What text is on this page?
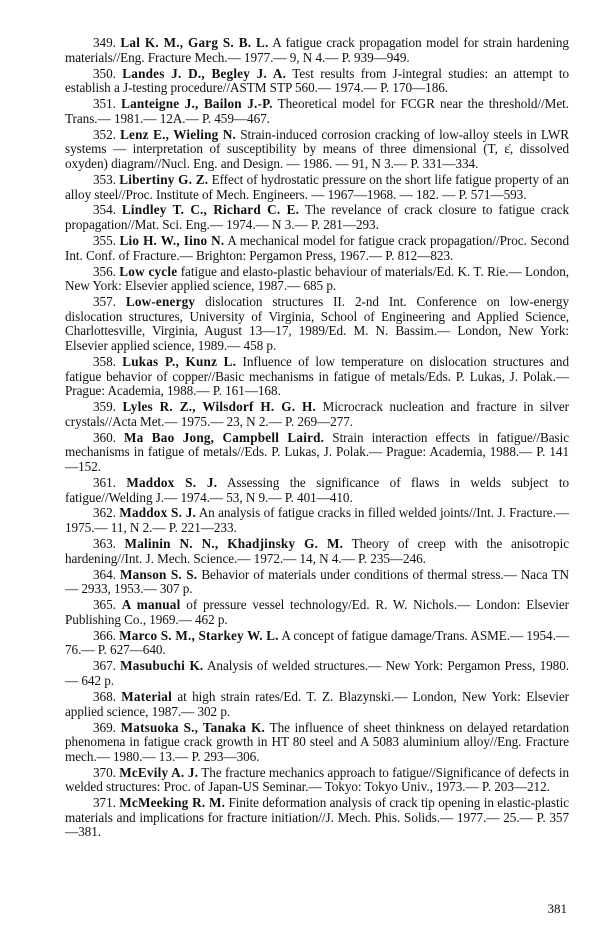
349. Lal K. M., Garg S. B. L. A fatigue crack propagation model for strain hardening materials//Eng. Fracture Mech.— 1977.— 9, N 4.— P. 939—949.

350. Landes J. D., Begley J. A. Test results from J-integral studies: an attempt to establish a J-testing procedure//ASTM STP 560.— 1974.— P. 170—186.

351. Lanteigne J., Bailon J.-P. Theoretical model for FCGR near the threshold//Met. Trans.— 1981.— 12A.— P. 459—467.

352. Lenz E., Wieling N. Strain-induced corrosion cracking of low-alloy steels in LWR systems — interpretation of susceptibility by means of three dimensional (T, ε̇, dissolved oxyden) diagram//Nucl. Eng. and Design. — 1986. — 91, N 3.— P. 331—334.

353. Libertiny G. Z. Effect of hydrostatic pressure on the short life fatigue property of an alloy steel//Proc. Institute of Mech. Engineers. — 1967—1968. — 182. — P. 571—593.

354. Lindley T. C., Richard C. E. The revelance of crack closure to fatigue crack propagation//Mat. Sci. Eng.— 1974.— N 3.— P. 281—293.

355. Lio H. W., Iino N. A mechanical model for fatigue crack propagation//Proc. Second Int. Conf. of Fracture.— Brighton: Pergamon Press, 1967.— P. 812—823.

356. Low cycle fatigue and elasto-plastic behaviour of materials/Ed. K. T. Rie.— London, New York: Elsevier applied science, 1987.— 685 p.

357. Low-energy dislocation structures II. 2-nd Int. Conference on low-energy dislocation structures, University of Virginia, School of Engineering and Applied Science, Charlottesville, Virginia, August 13—17, 1989/Ed. M. N. Bassim.— London, New York: Elsevier applied science, 1989.— 458 p.

358. Lukas P., Kunz L. Influence of low temperature on dislocation structures and fatigue behavior of copper//Basic mechanisms in fatigue of metals/Eds. P. Lukas, J. Polak.— Prague: Academia, 1988.— P. 161—168.

359. Lyles R. Z., Wilsdorf H. G. H. Microcrack nucleation and fracture in silver crystals//Acta Met.— 1975.— 23, N 2.— P. 269—277.

360. Ma Bao Jong, Campbell Laird. Strain interaction effects in fatigue//Basic mechanisms in fatigue of metals//Eds. P. Lukas, J. Polak.— Prague: Academia, 1988.— P. 141—152.

361. Maddox S. J. Assessing the significance of flaws in welds subject to fatigue//Welding J.— 1974.— 53, N 9.— P. 401—410.

362. Maddox S. J. An analysis of fatigue cracks in filled welded joints//Int. J. Fracture.— 1975.— 11, N 2.— P. 221—233.

363. Malinin N. N., Khadjinsky G. M. Theory of creep with the anisotropic hardening//Int. J. Mech. Science.— 1972.— 14, N 4.— P. 235—246.

364. Manson S. S. Behavior of materials under conditions of thermal stress.— Naca TN — 2933, 1953.— 307 p.

365. A manual of pressure vessel technology/Ed. R. W. Nichols.— London: Elsevier Publishing Co., 1969.— 462 p.

366. Marco S. M., Starkey W. L. A concept of fatigue damage/Trans. ASME.— 1954.— 76.— P. 627—640.

367. Masubuchi K. Analysis of welded structures.— New York: Pergamon Press, 1980.— 642 p.

368. Material at high strain rates/Ed. T. Z. Blazynski.— London, New York: Elsevier applied science, 1987.— 302 p.

369. Matsuoka S., Tanaka K. The influence of sheet thinkness on delayed retardation phenomena in fatigue crack growth in HT 80 steel and A 5083 aluminium alloy//Eng. Fracture mech.— 1980.— 13.— P. 293—306.

370. McEvily A. J. The fracture mechanics approach to fatigue//Significance of defects in welded structures: Proc. of Japan-US Seminar.— Tokyo: Tokyo Univ., 1973.— P. 203—212.

371. McMeeking R. M. Finite deformation analysis of crack tip opening in elastic-plastic materials and implications for fracture initiation//J. Mech. Phis. Solids.— 1977.— 25.— P. 357—381.

381
